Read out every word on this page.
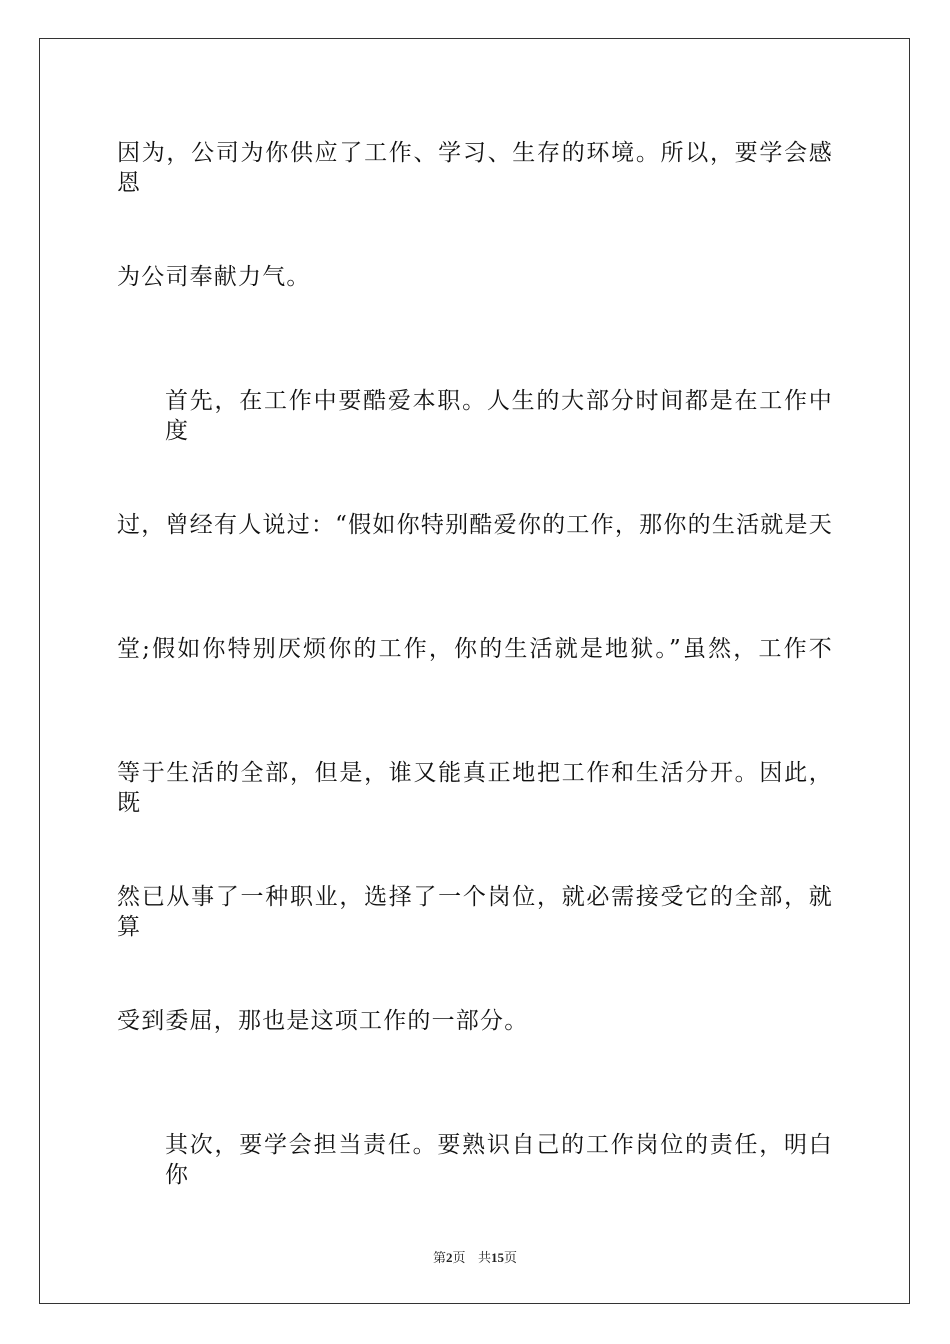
因为，公司为你供应了工作、学习、生存的环境。所以，要学会感恩
为公司奉献力气。
首先，在工作中要酷爱本职。人生的大部分时间都是在工作中度
过，曾经有人说过：“假如你特别酷爱你的工作，那你的生活就是天
堂;假如你特别厌烦你的工作，你的生活就是地狱。”虽然，工作不
等于生活的全部，但是，谁又能真正地把工作和生活分开。因此，既
然已从事了一种职业，选择了一个岗位，就必需接受它的全部，就算
受到委屈，那也是这项工作的一部分。
其次，要学会担当责任。要熟识自己的工作岗位的责任，明白你
第2页 共15页
